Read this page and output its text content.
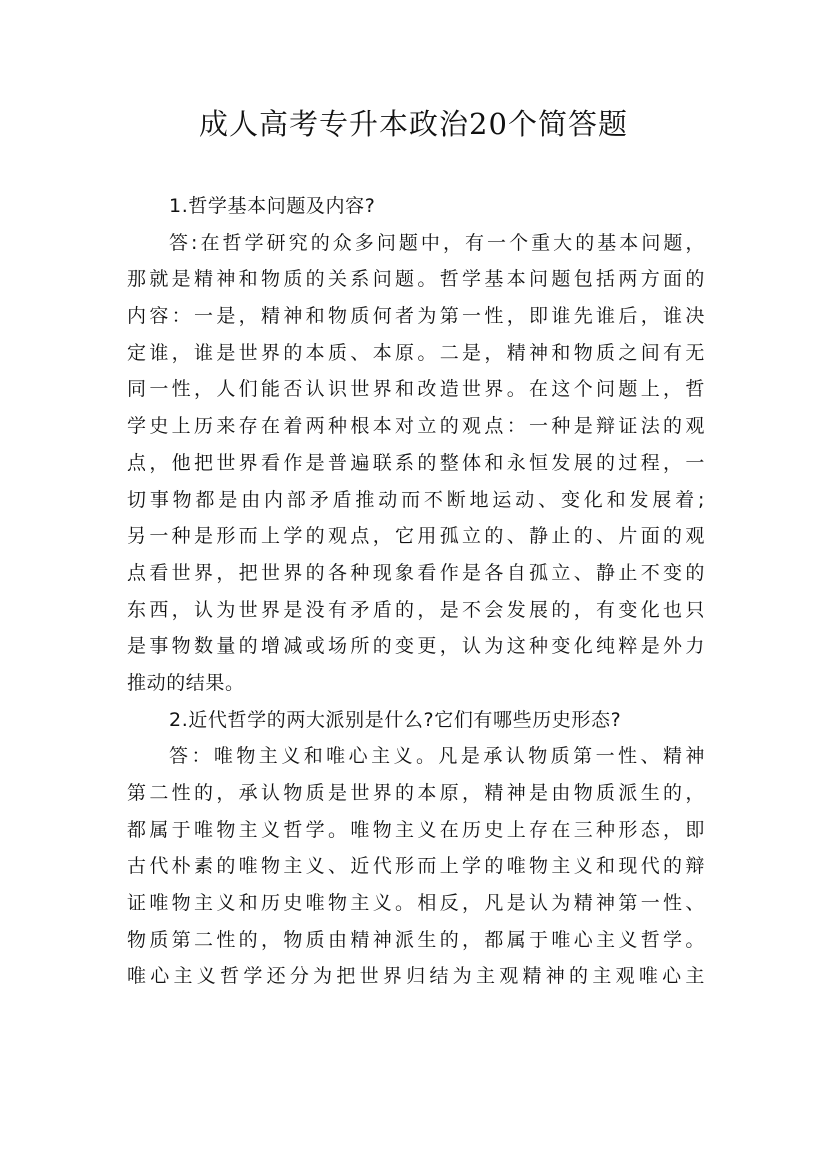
成人高考专升本政治20个简答题
1.哲学基本问题及内容?
答:在哲学研究的众多问题中，有一个重大的基本问题，
那就是精神和物质的关系问题。哲学基本问题包括两方面的
内容：一是，精神和物质何者为第一性，即谁先谁后，谁决
定谁，谁是世界的本质、本原。二是，精神和物质之间有无
同一性，人们能否认识世界和改造世界。在这个问题上，哲
学史上历来存在着两种根本对立的观点：一种是辩证法的观
点，他把世界看作是普遍联系的整体和永恒发展的过程，一
切事物都是由内部矛盾推动而不断地运动、变化和发展着;
另一种是形而上学的观点，它用孤立的、静止的、片面的观
点看世界，把世界的各种现象看作是各自孤立、静止不变的
东西，认为世界是没有矛盾的，是不会发展的，有变化也只
是事物数量的增减或场所的变更，认为这种变化纯粹是外力
推动的结果。
2.近代哲学的两大派别是什么?它们有哪些历史形态?
答：唯物主义和唯心主义。凡是承认物质第一性、精神
第二性的，承认物质是世界的本原，精神是由物质派生的，
都属于唯物主义哲学。唯物主义在历史上存在三种形态，即
古代朴素的唯物主义、近代形而上学的唯物主义和现代的辩
证唯物主义和历史唯物主义。相反，凡是认为精神第一性、
物质第二性的，物质由精神派生的，都属于唯心主义哲学。
唯心主义哲学还分为把世界归结为主观精神的主观唯心主
